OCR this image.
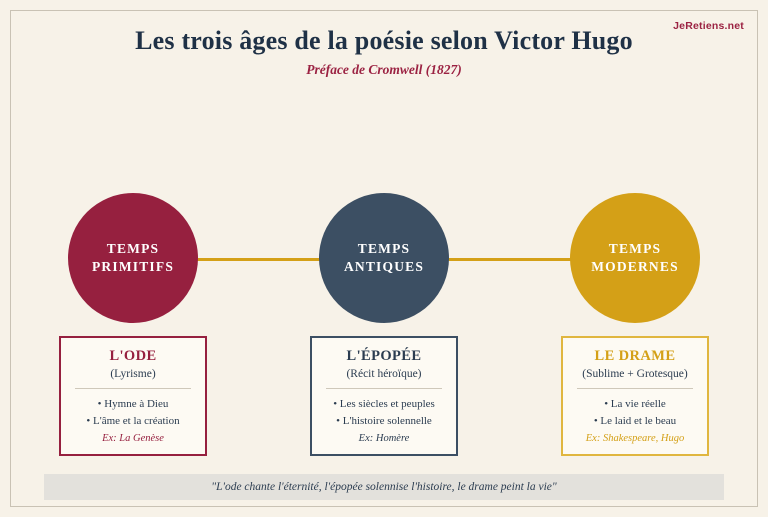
JeRetiens.net
Les trois âges de la poésie selon Victor Hugo
Préface de Cromwell (1827)
TEMPS
PRIMITIFS
TEMPS
ANTIQUES
TEMPS
MODERNES
L'ODE
(Lyrisme)
• Hymne à Dieu
• L'âme et la création
Ex: La Genèse
L'ÉPOPÉE
(Récit héroïque)
• Les siècles et peuples
• L'histoire solennelle
Ex: Homère
LE DRAME
(Sublime + Grotesque)
• La vie réelle
• Le laid et le beau
Ex: Shakespeare, Hugo
"L'ode chante l'éternité, l'épopée solennise l'histoire, le drame peint la vie"
